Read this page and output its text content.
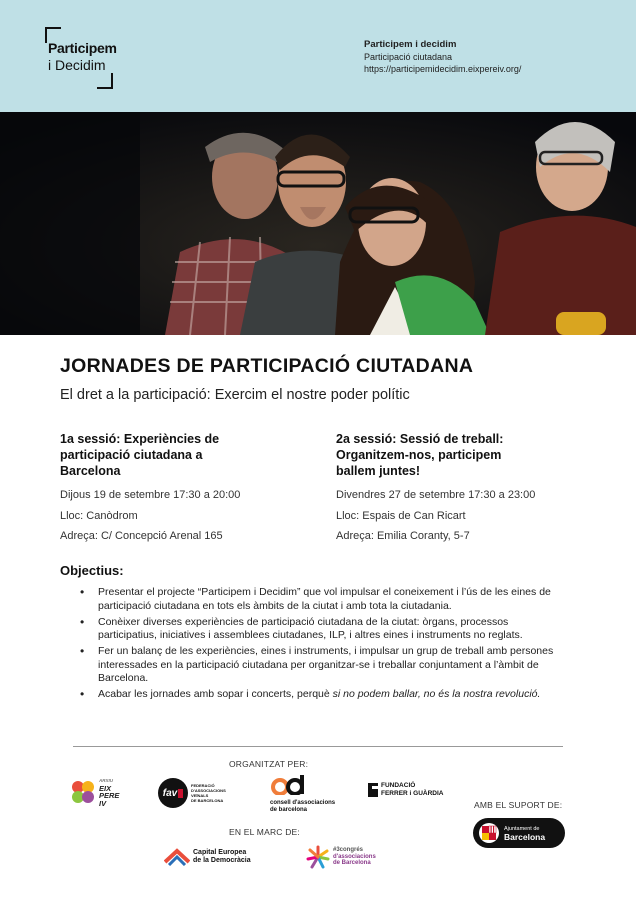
Participem
i Decidim
Participem i decidim
Participació ciutadana
https://participemidecidim.eixpereiv.org/
JORNADES DE PARTICIPACIÓ CIUTADANA
El dret a la participació: Exercim el nostre poder polític
1a sessió: Experiències de
participació ciutadana a
Barcelona
Dijous 19 de setembre 17:30 a 20:00
Lloc: Canòdrom
Adreça: C/ Concepció Arenal 165
2a sessió: Sessió de treball:
Organitzem-nos, participem
ballem juntes!
Divendres 27 de setembre 17:30 a 23:00
Lloc: Espais de Can Ricart
Adreça: Emilia Coranty, 5-7
Objectius:
• Presentar el projecte “Participem i Decidim” que vol impulsar el coneixement i l’ús de les eines de participació ciutadana en tots els àmbits de la ciutat i amb tota la ciutadania.
• Conèixer diverses experiències de participació ciutadana de la ciutat: òrgans, processos participatius, iniciatives i assemblees ciutadanes, ILP, i altres eines i instruments no reglats.
• Fer un balanç de les experiències, eines i instruments, i impulsar un grup de treball amb persones interessades en la participació ciutadana per organitzar-se i treballar conjuntament a l’àmbit de Barcelona.
• Acabar les jornades amb sopar i concerts, perquè si no podem ballar, no és la nostra revolució.
ORGANITZAT PER:
ARXIU
EIX
PERE
IV
fav
FEDERACIÓ
D'ASSOCIACIONS
VEÏNALS
DE BARCELONA	consell d'associacions
de barcelona
FUNDACIÓ
FERRER i GUÀRDIA
AMB EL SUPORT DE:
EN EL MARC DE:
Capital Europea
de la Democràcia
#3congrés
d'associacions
de Barcelona
Ajuntament de
Barcelona
